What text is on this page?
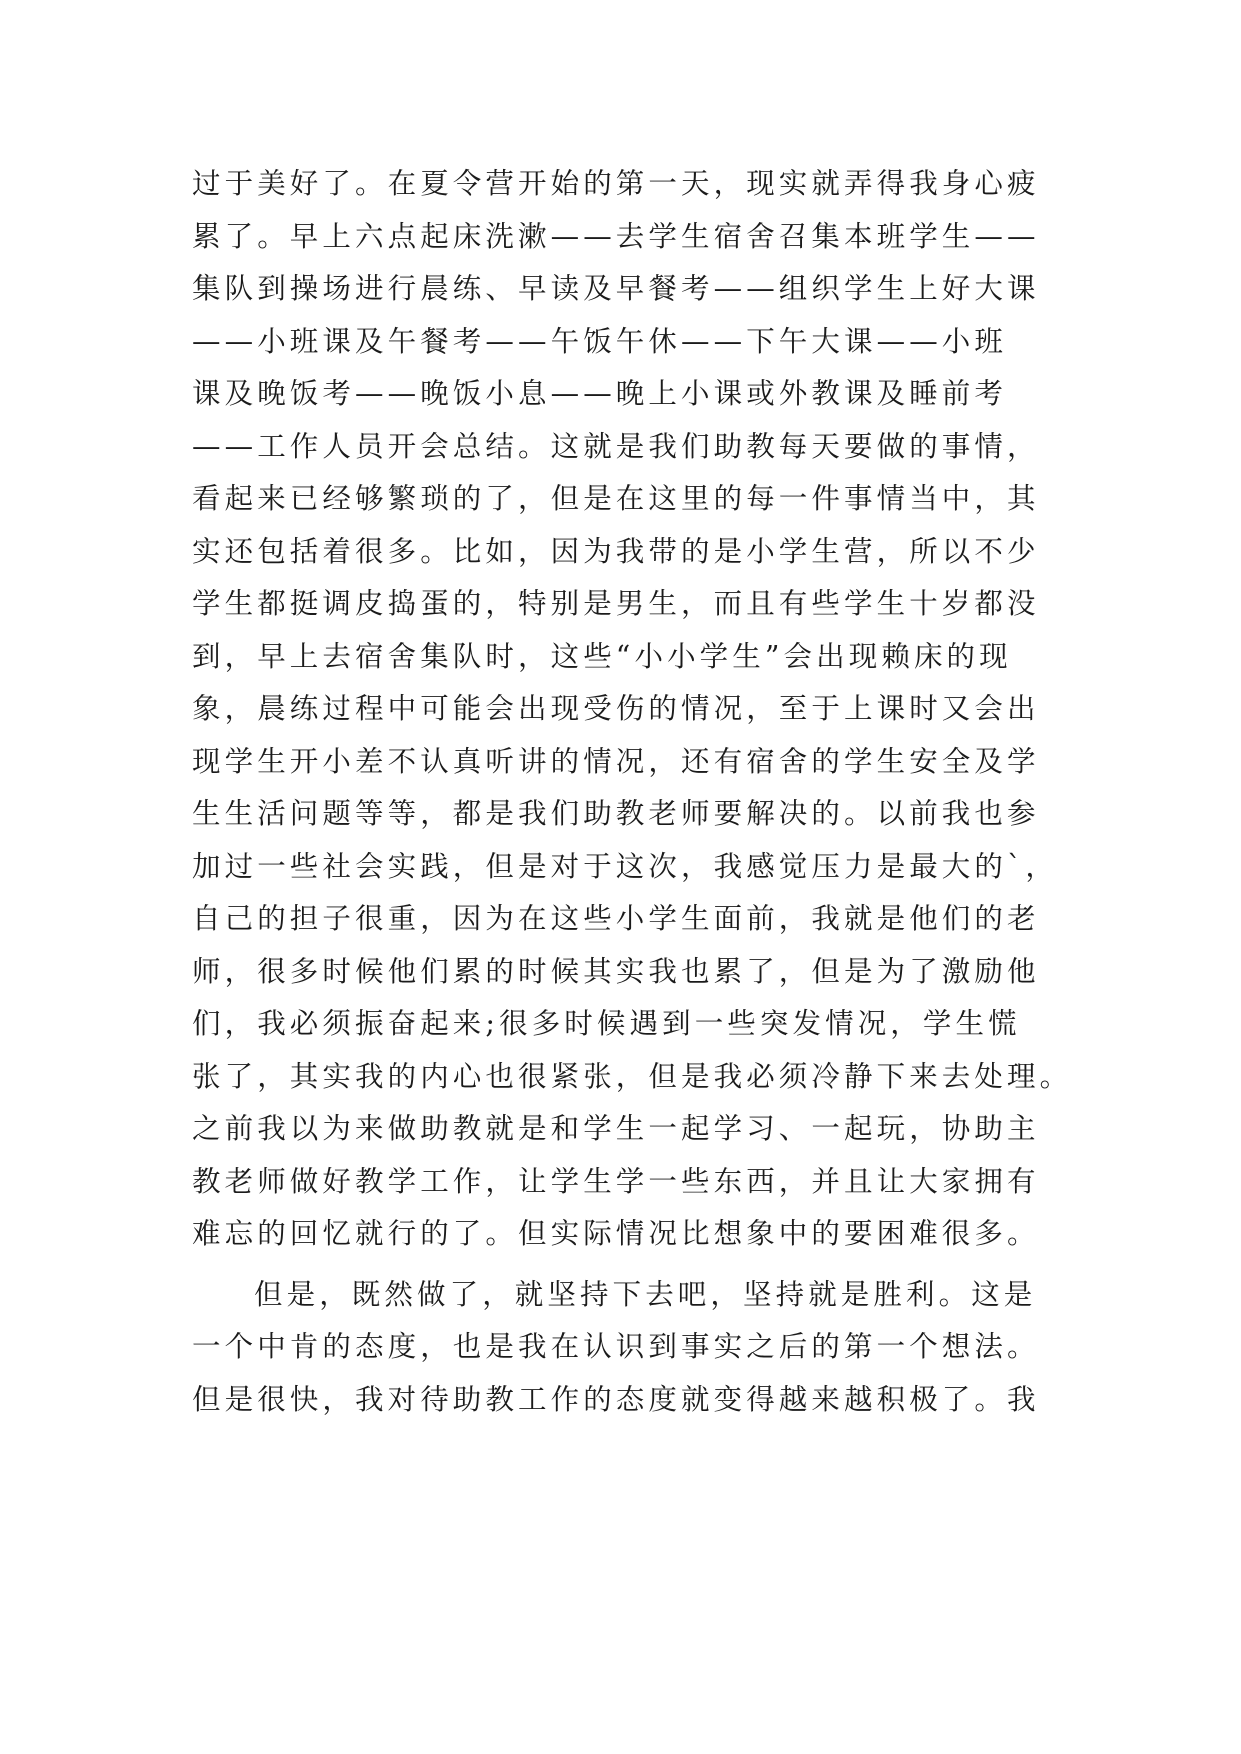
过于美好了。在夏令营开始的第一天，现实就弄得我身心疲
累了。早上六点起床洗漱——去学生宿舍召集本班学生——
集队到操场进行晨练、早读及早餐考——组织学生上好大课
——小班课及午餐考——午饭午休——下午大课——小班
课及晚饭考——晚饭小息——晚上小课或外教课及睡前考
——工作人员开会总结。这就是我们助教每天要做的事情，
看起来已经够繁琐的了，但是在这里的每一件事情当中，其
实还包括着很多。比如，因为我带的是小学生营，所以不少
学生都挺调皮捣蛋的，特别是男生，而且有些学生十岁都没
到，早上去宿舍集队时，这些“小小学生”会出现赖床的现
象，晨练过程中可能会出现受伤的情况，至于上课时又会出
现学生开小差不认真听讲的情况，还有宿舍的学生安全及学
生生活问题等等，都是我们助教老师要解决的。以前我也参
加过一些社会实践，但是对于这次，我感觉压力是最大的`，
自己的担子很重，因为在这些小学生面前，我就是他们的老
师，很多时候他们累的时候其实我也累了，但是为了激励他
们，我必须振奋起来;很多时候遇到一些突发情况，学生慌
张了，其实我的内心也很紧张，但是我必须冷静下来去处理。
之前我以为来做助教就是和学生一起学习、一起玩，协助主
教老师做好教学工作，让学生学一些东西，并且让大家拥有
难忘的回忆就行的了。但实际情况比想象中的要困难很多。
但是，既然做了，就坚持下去吧，坚持就是胜利。这是
一个中肯的态度，也是我在认识到事实之后的第一个想法。
但是很快，我对待助教工作的态度就变得越来越积极了。我
